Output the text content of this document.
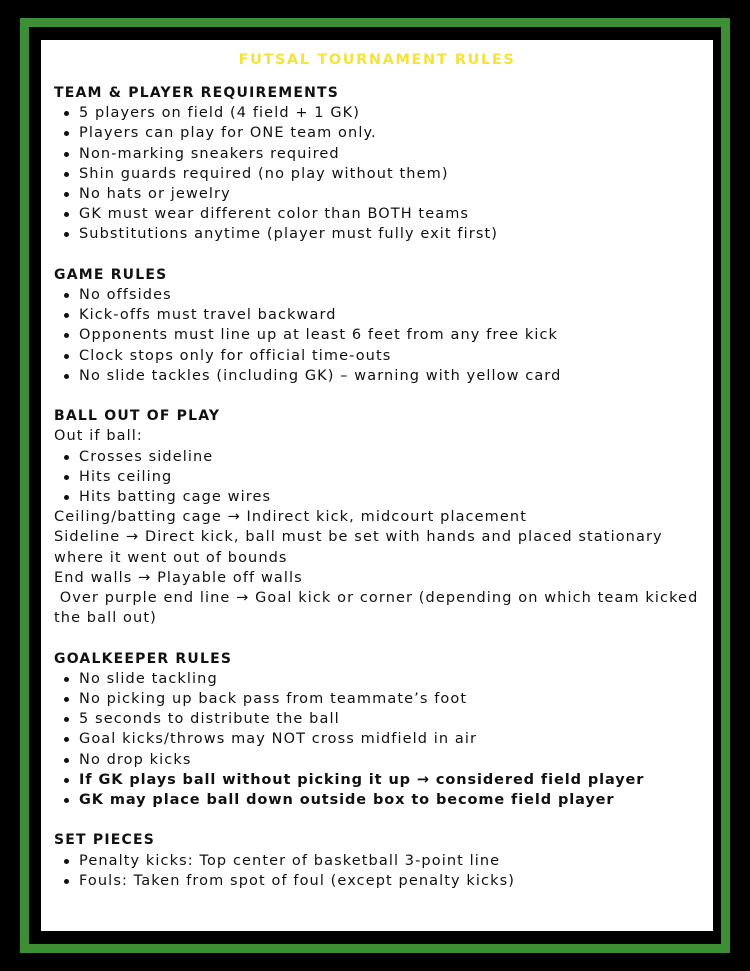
FUTSAL TOURNAMENT RULES
TEAM & PLAYER REQUIREMENTS
5 players on field (4 field + 1 GK)
Players can play for ONE team only.
Non-marking sneakers required
Shin guards required (no play without them)
No hats or jewelry
GK must wear different color than BOTH teams
Substitutions anytime (player must fully exit first)
GAME RULES
No offsides
Kick-offs must travel backward
Opponents must line up at least 6 feet from any free kick
Clock stops only for official time-outs
No slide tackles (including GK) – warning with yellow card
BALL OUT OF PLAY
Out if ball:
Crosses sideline
Hits ceiling
Hits batting cage wires
Ceiling/batting cage → Indirect kick, midcourt placement
Sideline → Direct kick, ball must be set with hands and placed stationary where it went out of bounds
End walls → Playable off walls
Over purple end line → Goal kick or corner (depending on which team kicked the ball out)
GOALKEEPER RULES
No slide tackling
No picking up back pass from teammate’s foot
5 seconds to distribute the ball
Goal kicks/throws may NOT cross midfield in air
No drop kicks
If GK plays ball without picking it up → considered field player
GK may place ball down outside box to become field player
SET PIECES
Penalty kicks: Top center of basketball 3-point line
Fouls: Taken from spot of foul (except penalty kicks)
